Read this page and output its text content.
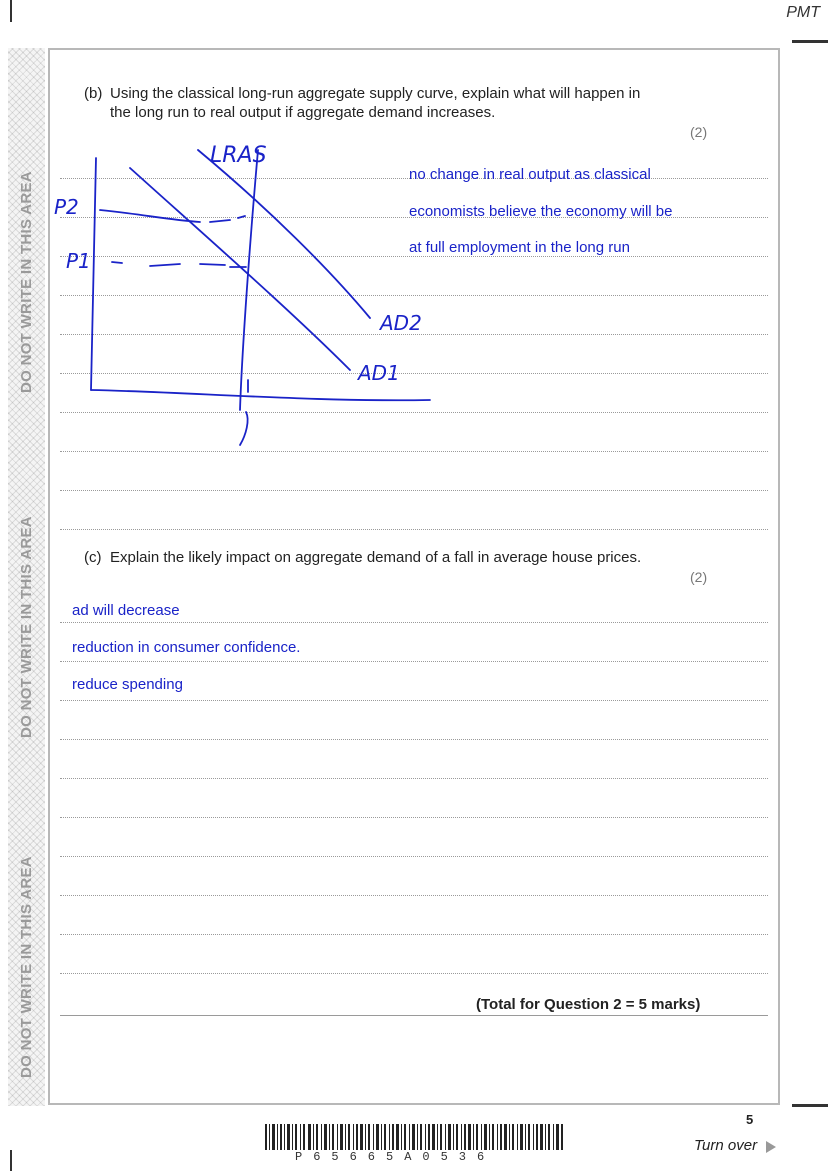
PMT
DO NOT WRITE IN THIS AREA
DO NOT WRITE IN THIS AREA
DO NOT WRITE IN THIS AREA
(b) Using the classical long-run aggregate supply curve, explain what will happen in
the long run to real output if aggregate demand increases.
(2)
LRAS
P2
P1
AD2
AD1
no change in real output as classical
economists believe the economy will be
at full employment in the long run
(c) Explain the likely impact on aggregate demand of a fall in average house prices.
(2)
ad will decrease
reduction in consumer confidence.
reduce spending
(Total for Question 2 = 5 marks)
P65665A0536
5
Turn over
